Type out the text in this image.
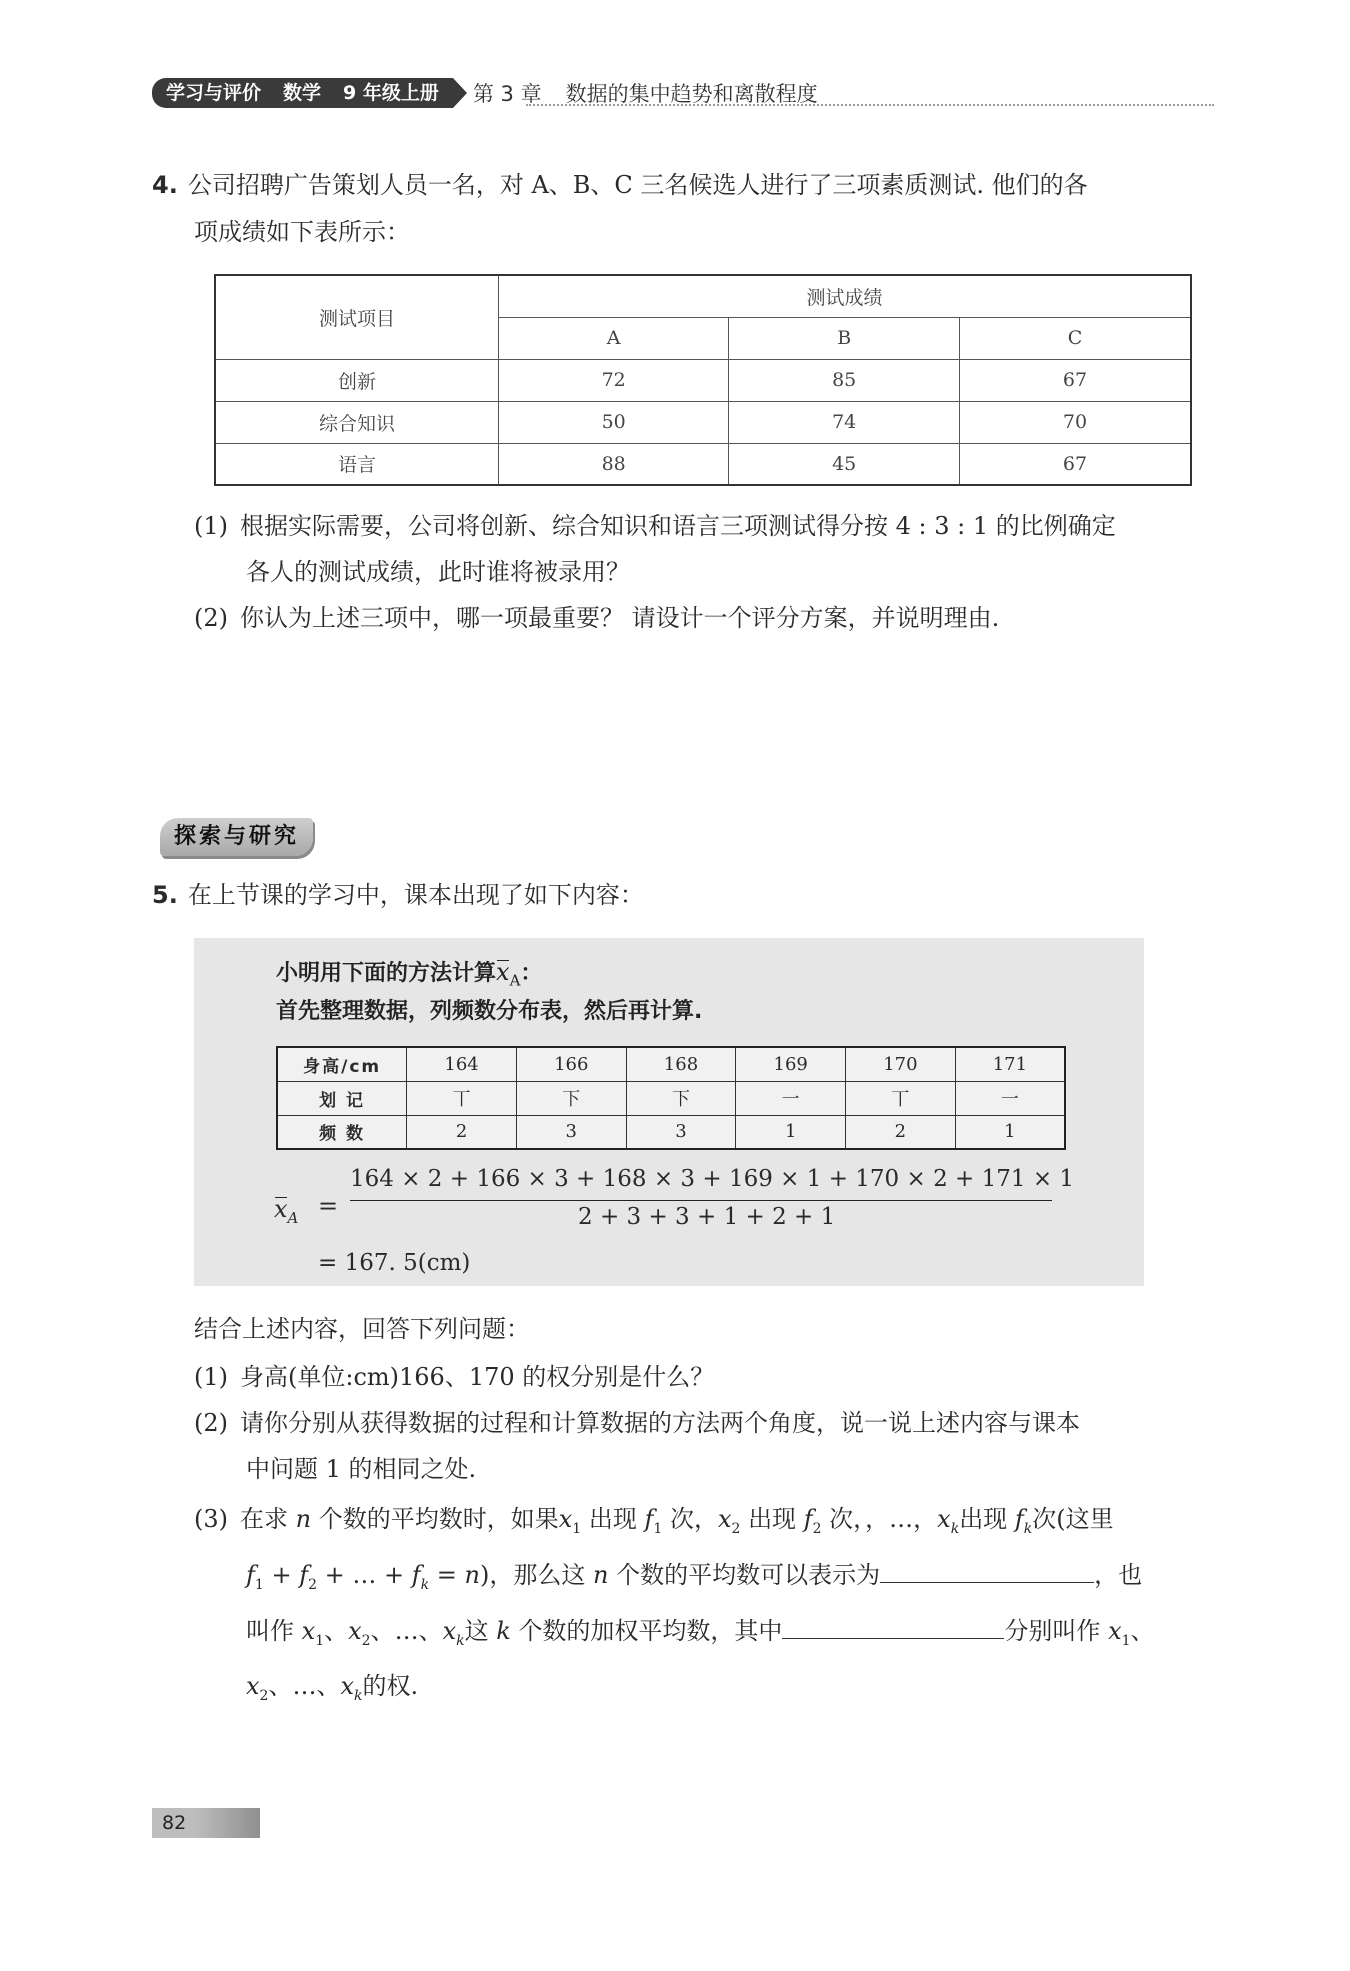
学习与评价 数学 9 年级上册 第 3 章 数据的集中趋势和离散程度
4. 公司招聘广告策划人员一名，对 A、B、C 三名候选人进行了三项素质测试. 他们的各
项成绩如下表所示：
测试项目	测试成绩		
	A	B	C
创新	72	85	67
综合知识	50	74	70
语言	88	45	67
(1) 根据实际需要，公司将创新、综合知识和语言三项测试得分按 4 : 3 : 1 的比例确定
各人的测试成绩，此时谁将被录用？
(2) 你认为上述三项中，哪一项最重要？ 请设计一个评分方案，并说明理由.
探索与研究
5. 在上节课的学习中，课本出现了如下内容：
小明用下面的方法计算$x_A$：
首先整理数据，列频数分布表，然后再计算.
身高/cm	164	166	168	169	170	171
划 记	丅	下	下	一	丅	一
频 数	2	3	3	1	2	1
$x_A$ =
164 × 2 + 166 × 3 + 168 × 3 + 169 × 1 + 170 × 2 + 171 × 1
2 + 3 + 3 + 1 + 2 + 1
= 167. 5(cm)
结合上述内容，回答下列问题：
(1) 身高(单位:cm)166、170 的权分别是什么？
(2) 请你分别从获得数据的过程和计算数据的方法两个角度，说一说上述内容与课本
中问题 1 的相同之处.
(3) 在求 n 个数的平均数时，如果$x_1$ 出现 $f_1$ 次，$x_2$ 出现 $f_2$ 次，，…，$x_k$出现 $f_k$次(这里
$f_1 + f_2$ + … + $f_k = n$)，那么这 n 个数的平均数可以表示为	，也
叫作 $x_1$、$x_2$、…、$x_k$这 k 个数的加权平均数，其中	分别叫作 $x_1$、
$x_2$、…、$x_k$的权.
82
